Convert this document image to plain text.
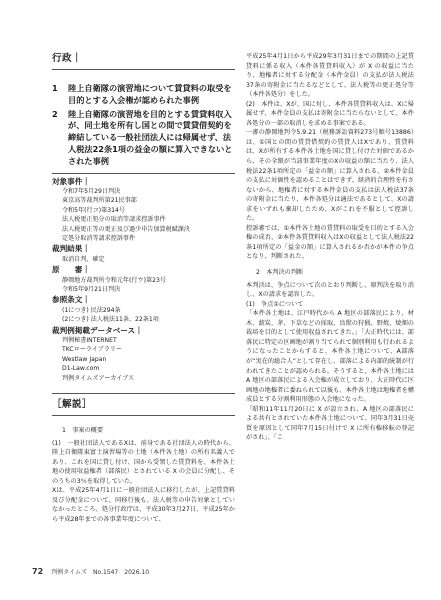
行政｜
1	陸上自衛隊の演習地について賃貸料の取受を目的とする入会権が認められた事例
2	陸上自衛隊の演習地を目的とする賃貸料収入が、同土地を所有し国との間で賃貸借契約を締結している一般社団法人には帰属せず、法人税法22条1項の益金の額に算入できないとされた事例
対象事件｜
令和7年5月29日判決
東京高等裁判所第21民事部
令和5年(行コ)第314号
法人税更正処分の取消等請求控訴事件
法人税更正等の更正及び過少申告加算税賦課決
定処分取消等請求控訴事件
裁判結果｜
取消自判、確定
原　　審｜
静岡地方裁判所令和元年(行ウ)第23号
令和5年9月21日判決
参照条文｜
(1につき) 民法294条
(2につき) 法人税法11条、22条1項
裁判例掲載データベース｜
判例秘書INTERNET
TKCローライブラリー
Westlaw Japan
D1-Law.com
判例タイムズアーカイブス
［解説］
1　事案の概要

(1)　一般社団法人であるXは、前身である社団法人の時代から、陸上自衛隊東富士演習場等の土地（本件各土地）の所有名義人であり、これを国に貸し付け、国から受領した賃貸料を、本件各土地の使用収益権者（部落民）とされている X の会員に分配し、そのうちの3％を取得していた。

Xは、平成25年4月1日に一般社団法人に移行したが、上記賃貸料及び分配金について、同移行後も、法人税等の申告対象としていなかったところ、処分行政庁は、平成30年3月27日、平成25年から平成28年までの各事業年度について、

平成25年4月1日から平成29年3月31日までの期間の上記賃貸料に係る収入（本件各賃貸料収入）が X の収益に当たり、地権者に対する分配金（本件金員）の支払が法人税法37条の寄附金に当たるなどとして、法人税等の更正処分等（本件各処分）をした。

(2)　本件は、Xが、国に対し、本件各賃貸料収入は、Xに帰属せず、本件金員の支払は寄附金に当たらないとして、本件各処分の一部の取消しを求める事案である。

一審の静岡地判令5.9.21（税務訴訟資料273号順号13886）は、①国との間の賃貸借契約の賃貸人はXであり、賃貸料は、Xが所有する本件各土地を国に貸し付けた対価であるから、その全額が当該事業年度のXの収益の額に当たり、法人税法22条1項所定の「益金の額」に算入される、②本件金員の支払に対価性を認めることはできず、経済的合理性を有さないから、地権者に対する本件金員の支払は法人税法37条の寄附金に当たり、本件各処分は適法であるとして、Xの請求をいずれも棄却したため、Xがこれを不服として控訴した。

控訴審では、①本件各土地の賃貸料の取受を目的とする入会権の成否、②本件各賃貸料収入はXの収益として法人税法22条1項所定の「益金の額」に算入されるか否かが本件の争点となり、判断された。

2　本判決の判断

本判決は、争点について次のとおり判断し、原判決を取り消し、Xの請求を認容した。

(1)　争点①について

「本件各土地は、江戸時代から A 地区の部落民により、材木、薪炭、茅、下草などの採取、鳥獣の狩猟、野焼、焼畑の栽培を目的として使用収益されてきた。」「大正時代には、部落民に特定の区画地が割り当てられて個別利用も行われるようになったことからすると、本件各土地について、A部落が“実在的総合人”として存在し、部落による内部的統制が行われてきたことが認められる。そうすると、本件各土地には A 地区の部落民による入会権が成立しており、大正時代に区画地の地権者に委ねられて以後も、本件各土地は地権者を構成員とする分割利用形態の入会地になった。

「昭和11年11月20日に X が設立され、A 地区の部落民による共有とされていた本件各土地について、同年3月31日売買を原因として同年7月15日付けで X に所有権移転の登記がされ」、「こ

72 判例タイムズ　No.1547　2026.10
